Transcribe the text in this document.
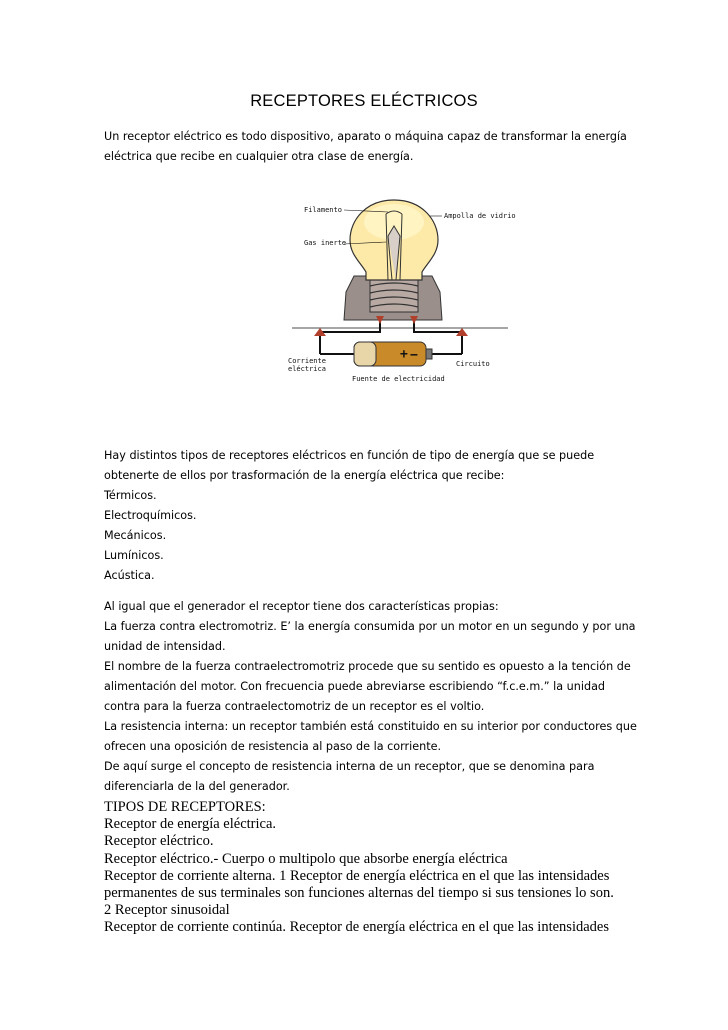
RECEPTORES ELÉCTRICOS
Un receptor eléctrico es todo dispositivo, aparato o máquina capaz de transformar la energía
eléctrica que recibe en cualquier otra clase de energía.
+ −
Filamento
Gas inerte
Ampolla de vidrio
Corriente
eléctrica
Circuito
Fuente de electricidad
Hay distintos tipos de receptores eléctricos en función de tipo de energía que se puede
obtenerte de ellos por trasformación de la energía eléctrica que recibe:
Térmicos.
Electroquímicos.
Mecánicos.
Lumínicos.
Acústica.
Al igual que el generador el receptor tiene dos características propias:
La fuerza contra electromotriz. E’ la energía consumida por un motor en un segundo y por una
unidad de intensidad.
El nombre de la fuerza contraelectromotriz procede que su sentido es opuesto a la tención de
alimentación del motor. Con frecuencia puede abreviarse escribiendo “f.c.e.m.” la unidad
contra para la fuerza contraelectomotriz de un receptor es el voltio.
La resistencia interna: un receptor también está constituido en su interior por conductores que
ofrecen una oposición de resistencia al paso de la corriente.
De aquí surge el concepto de resistencia interna de un receptor, que se denomina para
diferenciarla de la del generador.
TIPOS DE RECEPTORES:
Receptor de energía eléctrica.
Receptor eléctrico.
Receptor eléctrico.- Cuerpo o multipolo que absorbe energía eléctrica
Receptor de corriente alterna. 1 Receptor de energía eléctrica en el que las intensidades
permanentes de sus terminales son funciones alternas del tiempo si sus tensiones lo son.
2 Receptor sinusoidal
Receptor de corriente continúa. Receptor de energía eléctrica en el que las intensidades
